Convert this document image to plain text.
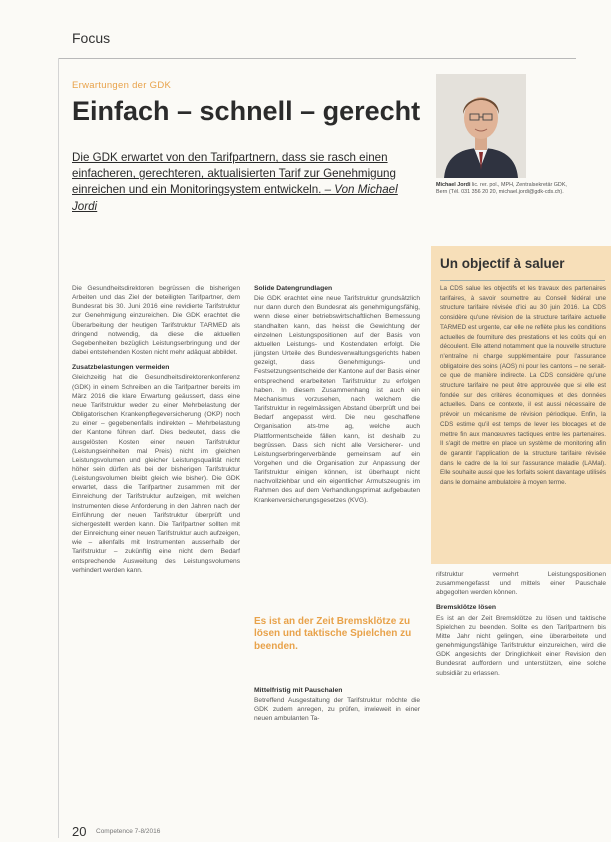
Focus
Erwartungen der GDK
Einfach – schnell – gerecht
Die GDK erwartet von den Tarifpartnern, dass sie rasch einen einfacheren, gerechteren, aktualisierten Tarif zur Genehmigung einreichen und ein Monitoringsystem entwickeln. – Von Michael Jordi
Michael Jordi lic. rer. pol., MPH, Zentralsekretär GDK, Bern (Tél. 031 356 20 20, michael.jordi@gdk-cds.ch).
Un objectif à saluer
La CDS salue les objectifs et les travaux des partenaires tarifaires, à savoir soumettre au Conseil fédéral une structure tarifaire révisée d'ici au 30 juin 2016. La CDS considère qu'une révision de la structure tarifaire actuelle TARMED est urgente, car elle ne reflète plus les conditions actuelles de fourniture des prestations et les coûts qui en découlent. Elle attend notamment que la nouvelle structure n'entraîne ni charge supplémentaire pour l'assurance obligatoire des soins (AOS) ni pour les cantons – ne serait-ce que de manière indirecte. La CDS considère qu'une structure tarifaire ne peut être approuvée que si elle est fondée sur des critères économiques et des données actuelles. Dans ce contexte, il est aussi nécessaire de prévoir un mécanisme de révision périodique. Enfin, la CDS estime qu'il est temps de lever les blocages et de mettre fin aux manœuvres tactiques entre les partenaires. Il s'agit de mettre en place un système de monitoring afin de garantir l'application de la structure tarifaire révisée dans le cadre de la loi sur l'assurance maladie (LAMal). Elle souhaite aussi que les forfaits soient davantage utilisés dans le domaine ambulatoire à moyen terme.

Die Gesundheitsdirektoren begrüssen die bisherigen Arbeiten und das Ziel der beteiligten Tarifpartner, dem Bundesrat bis 30. Juni 2016 eine revidierte Tarifstruktur zur Genehmigung einzureichen. Die GDK erachtet die Überarbeitung der heutigen Tarifstruktur TARMED als dringend notwendig, da diese die aktuellen Gegebenheiten bezüglich Leistungserbringung und der dabei entstehenden Kosten nicht mehr adäquat abbildet.

Zusatzbelastungen vermeiden

Gleichzeitig hat die Gesundheitsdirektorenkonferenz (GDK) in einem Schreiben an die Tarifpartner bereits im März 2016 die klare Erwartung geäussert, dass eine neue Tarifstruktur weder zu einer Mehrbelastung der Obligatorischen Krankenpflegeversicherung (OKP) noch zu einer – gegebenenfalls indirekten – Mehrbelastung der Kantone führen darf. Dies bedeutet, dass die ausgelösten Kosten einer neuen Tarifstruktur (Leistungseinheiten mal Preis) nicht im gleichen Leistungsvolumen und gleicher Leistungsqualität nicht höher sein dürfen als bei der bisherigen Tarifstruktur (Leistungsvolumen bleibt gleich wie bisher). Die GDK erwartet, dass die Tarifpartner zusammen mit der Einreichung der Tarifstruktur aufzeigen, mit welchen Instrumenten diese Anforderung in den Jahren nach der Einführung der neuen Tarifstruktur überprüft und sichergestellt werden kann. Die Tarifpartner sollten mit der Einreichung einer neuen Tarifstruktur auch aufzeigen, wie – allenfalls mit Instrumenten ausserhalb der Tarifstruktur – zukünftig eine nicht dem Bedarf entsprechende Ausweitung des Leistungsvolumens verhindert werden kann.

Solide Datengrundlagen

Die GDK erachtet eine neue Tarifstruktur grundsätzlich nur dann durch den Bundesrat als genehmigungsfähig, wenn diese einer betriebswirtschaftlichen Bemessung standhalten kann, das heisst die Gewichtung der einzelnen Leistungspositionen auf der Basis von aktuellen Leistungs- und Kostendaten erfolgt. Die jüngsten Urteile des Bundesverwaltungsgerichts haben gezeigt, dass Genehmigungs- und Festsetzungsentscheide der Kantone auf der Basis einer entsprechend erarbeiteten Tarifstruktur zu erfolgen haben. In diesem Zusammenhang ist auch ein Mechanismus vorzusehen, nach welchem die Tarifstruktur in regelmässigen Abstand überprüft und bei Bedarf angepasst wird. Die neu geschaffene Organisation ats-tme ag, welche auch Plattformentscheide fällen kann, ist deshalb zu begrüssen. Dass sich nicht alle Versicherer- und Leistungserbringerverbände gemeinsam auf ein Vorgehen und die Organisation zur Anpassung der Tarifstruktur einigen können, ist überhaupt nicht nachvollziehbar und ein eigentlicher Armutszeugnis im Rahmen des auf dem Verhandlungsprimat aufgebauten Krankenversicherungsgesetzes (KVG).

Es ist an der Zeit Bremsklötze zu lösen und taktische Spielchen zu beenden.
Mittelfristig mit Pauschalen

Betreffend Ausgestaltung der Tarifstruktur möchte die GDK zudem anregen, zu prüfen, inwieweit in einer neuen ambulanten Ta-

rifstruktur vermehrt Leistungspositionen zusammengefasst und mittels einer Pauschale abgegolten werden können.

Bremsklötze lösen

Es ist an der Zeit Bremsklötze zu lösen und taktische Spielchen zu beenden. Sollte es den Tarifpartnern bis Mitte Jahr nicht gelingen, eine überarbeitete und genehmigungsfähige Tarifstruktur einzureichen, wird die GDK angesichts der Dringlichkeit einer Revision den Bundesrat auffordern und unterstützen, eine solche subsidiär zu erlassen.

20 Competence 7-8/2016
